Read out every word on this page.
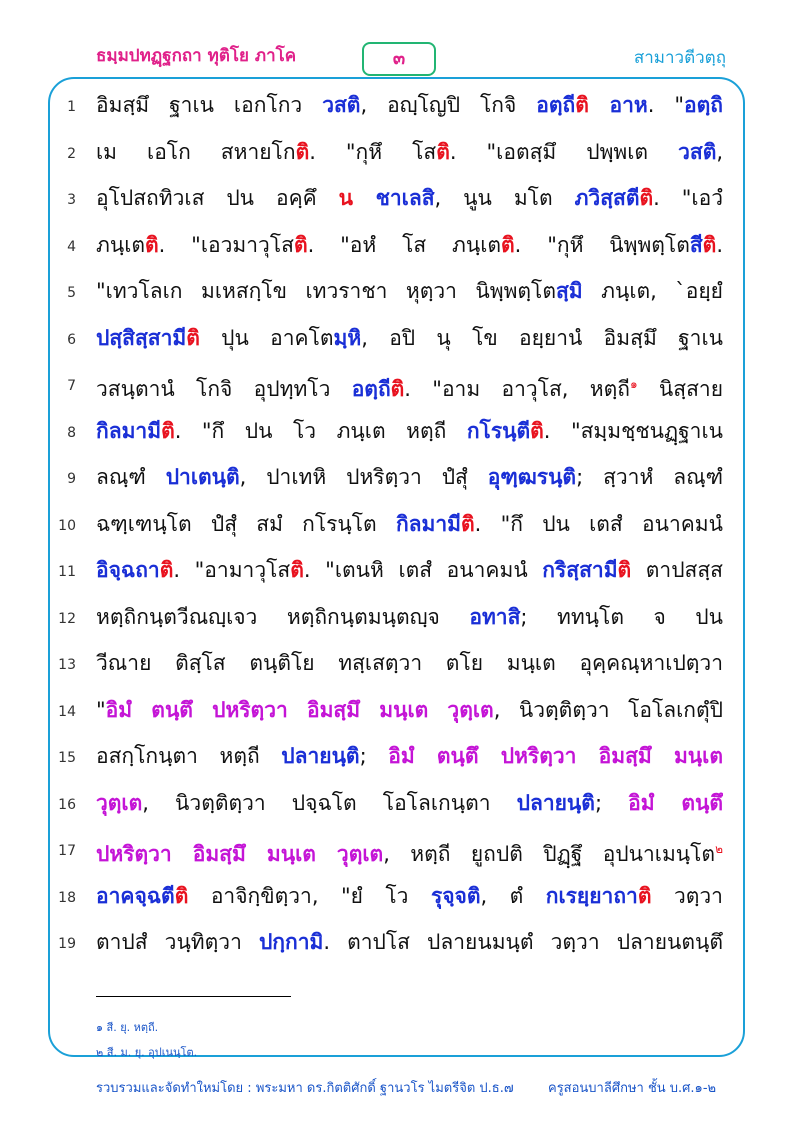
ธมฺมปทฏฺฐกถา ทุติโย ภาโค	๓	สามาวตีวตฺถุ
1 อิมสฺมึ ฐาเน เอกโกว วสติ, อญฺโญปิ โกจิ อตฺถีติ อาห. "อตฺถิ
2 เม เอโก สหายโกติ. "กุหึ โสติ. "เอตสฺมึ ปพฺพเต วสติ,
3 อุโปสถทิวเส ปน อคฺคึ น ชาเลสิ, นูน มโต ภวิสฺสตีติ. "เอวํ
4 ภนฺเตติ. "เอวมาวุโสติ. "อหํ โส ภนฺเตติ. "กุหึ นิพฺพตฺโตสีติ.
5 "เทวโลเก มเหสกฺโข เทวราชา หุตฺวา นิพฺพตฺโตสฺมิ ภนฺเต, `อยฺยํ
6 ปสฺสิสฺสามีติ ปุน อาคโตมฺหิ, อปิ นุ โข อยฺยานํ อิมสฺมึ ฐาเน
7 วสนฺตานํ โกจิ อุปทฺทโว อตฺถีติ. "อาม อาวุโส, หตฺถี$^๑$ นิสฺสาย
8 กิลมามีติ. "กึ ปน โว ภนฺเต หตฺถี กโรนฺตีติ. "สมฺมชฺชนฏฺฐาเน
9 ลณฺฑํ ปาเตนฺติ, ปาเทหิ ปหริตฺวา ปํสุํ อุฑฺฒรนฺติ; สฺวาหํ ลณฺฑํ
10 ฉฑฺเฑนฺโต ปํสุํ สมํ กโรนฺโต กิลมามีติ. "กึ ปน เตสํ อนาคมนํ
11 อิจฺฉถาติ. "อามาวุโสติ. "เตนหิ เตสํ อนาคมนํ กริสฺสามีติ ตาปสสฺส
12 หตฺถิกนฺตวีณญฺเจว หตฺถิกนฺตมนฺตญฺจ อทาสิ; ททนฺโต จ ปน
13 วีณาย ติสฺโส ตนฺติโย ทสฺเสตฺวา ตโย มนฺเต อุคฺคณฺหาเปตฺวา
14 "อิมํ ตนฺตึ ปหริตฺวา อิมสฺมึ มนฺเต วุตฺเต, นิวตฺติตฺวา โอโลเกตุํปิ
15 อสกฺโกนฺตา หตฺถี ปลายนฺติ; อิมํ ตนฺตึ ปหริตฺวา อิมสฺมึ มนฺเต
16 วุตฺเต, นิวตฺติตฺวา ปจฺฉโต โอโลเกนฺตา ปลายนฺติ; อิมํ ตนฺตึ
17 ปหริตฺวา อิมสฺมึ มนฺเต วุตฺเต, หตฺถี ยูถปติ ปิฏฺฐึ อุปนาเมนฺโต$^๒$
18 อาคจฺฉตีติ อาจิกฺขิตฺวา, "ยํ โว รุจฺจติ, ตํ กเรยฺยาถาติ วตฺวา
19 ตาปสํ วนฺทิตฺวา ปกฺกามิ. ตาปโส ปลายนมนฺตํ วตฺวา ปลายนตนฺตึ
๑ สี. ยุ. หตฺถี.
๒ สี. ม. ยุ. อุปเนนฺโต.
รวบรวมและจัดทำใหม่โดย : พระมหา ดร.กิตติศักดิ์ ฐานวโร ไมตรีจิต ป.ธ.๗	ครูสอนบาลีศึกษา ชั้น บ.ศ.๑-๒
